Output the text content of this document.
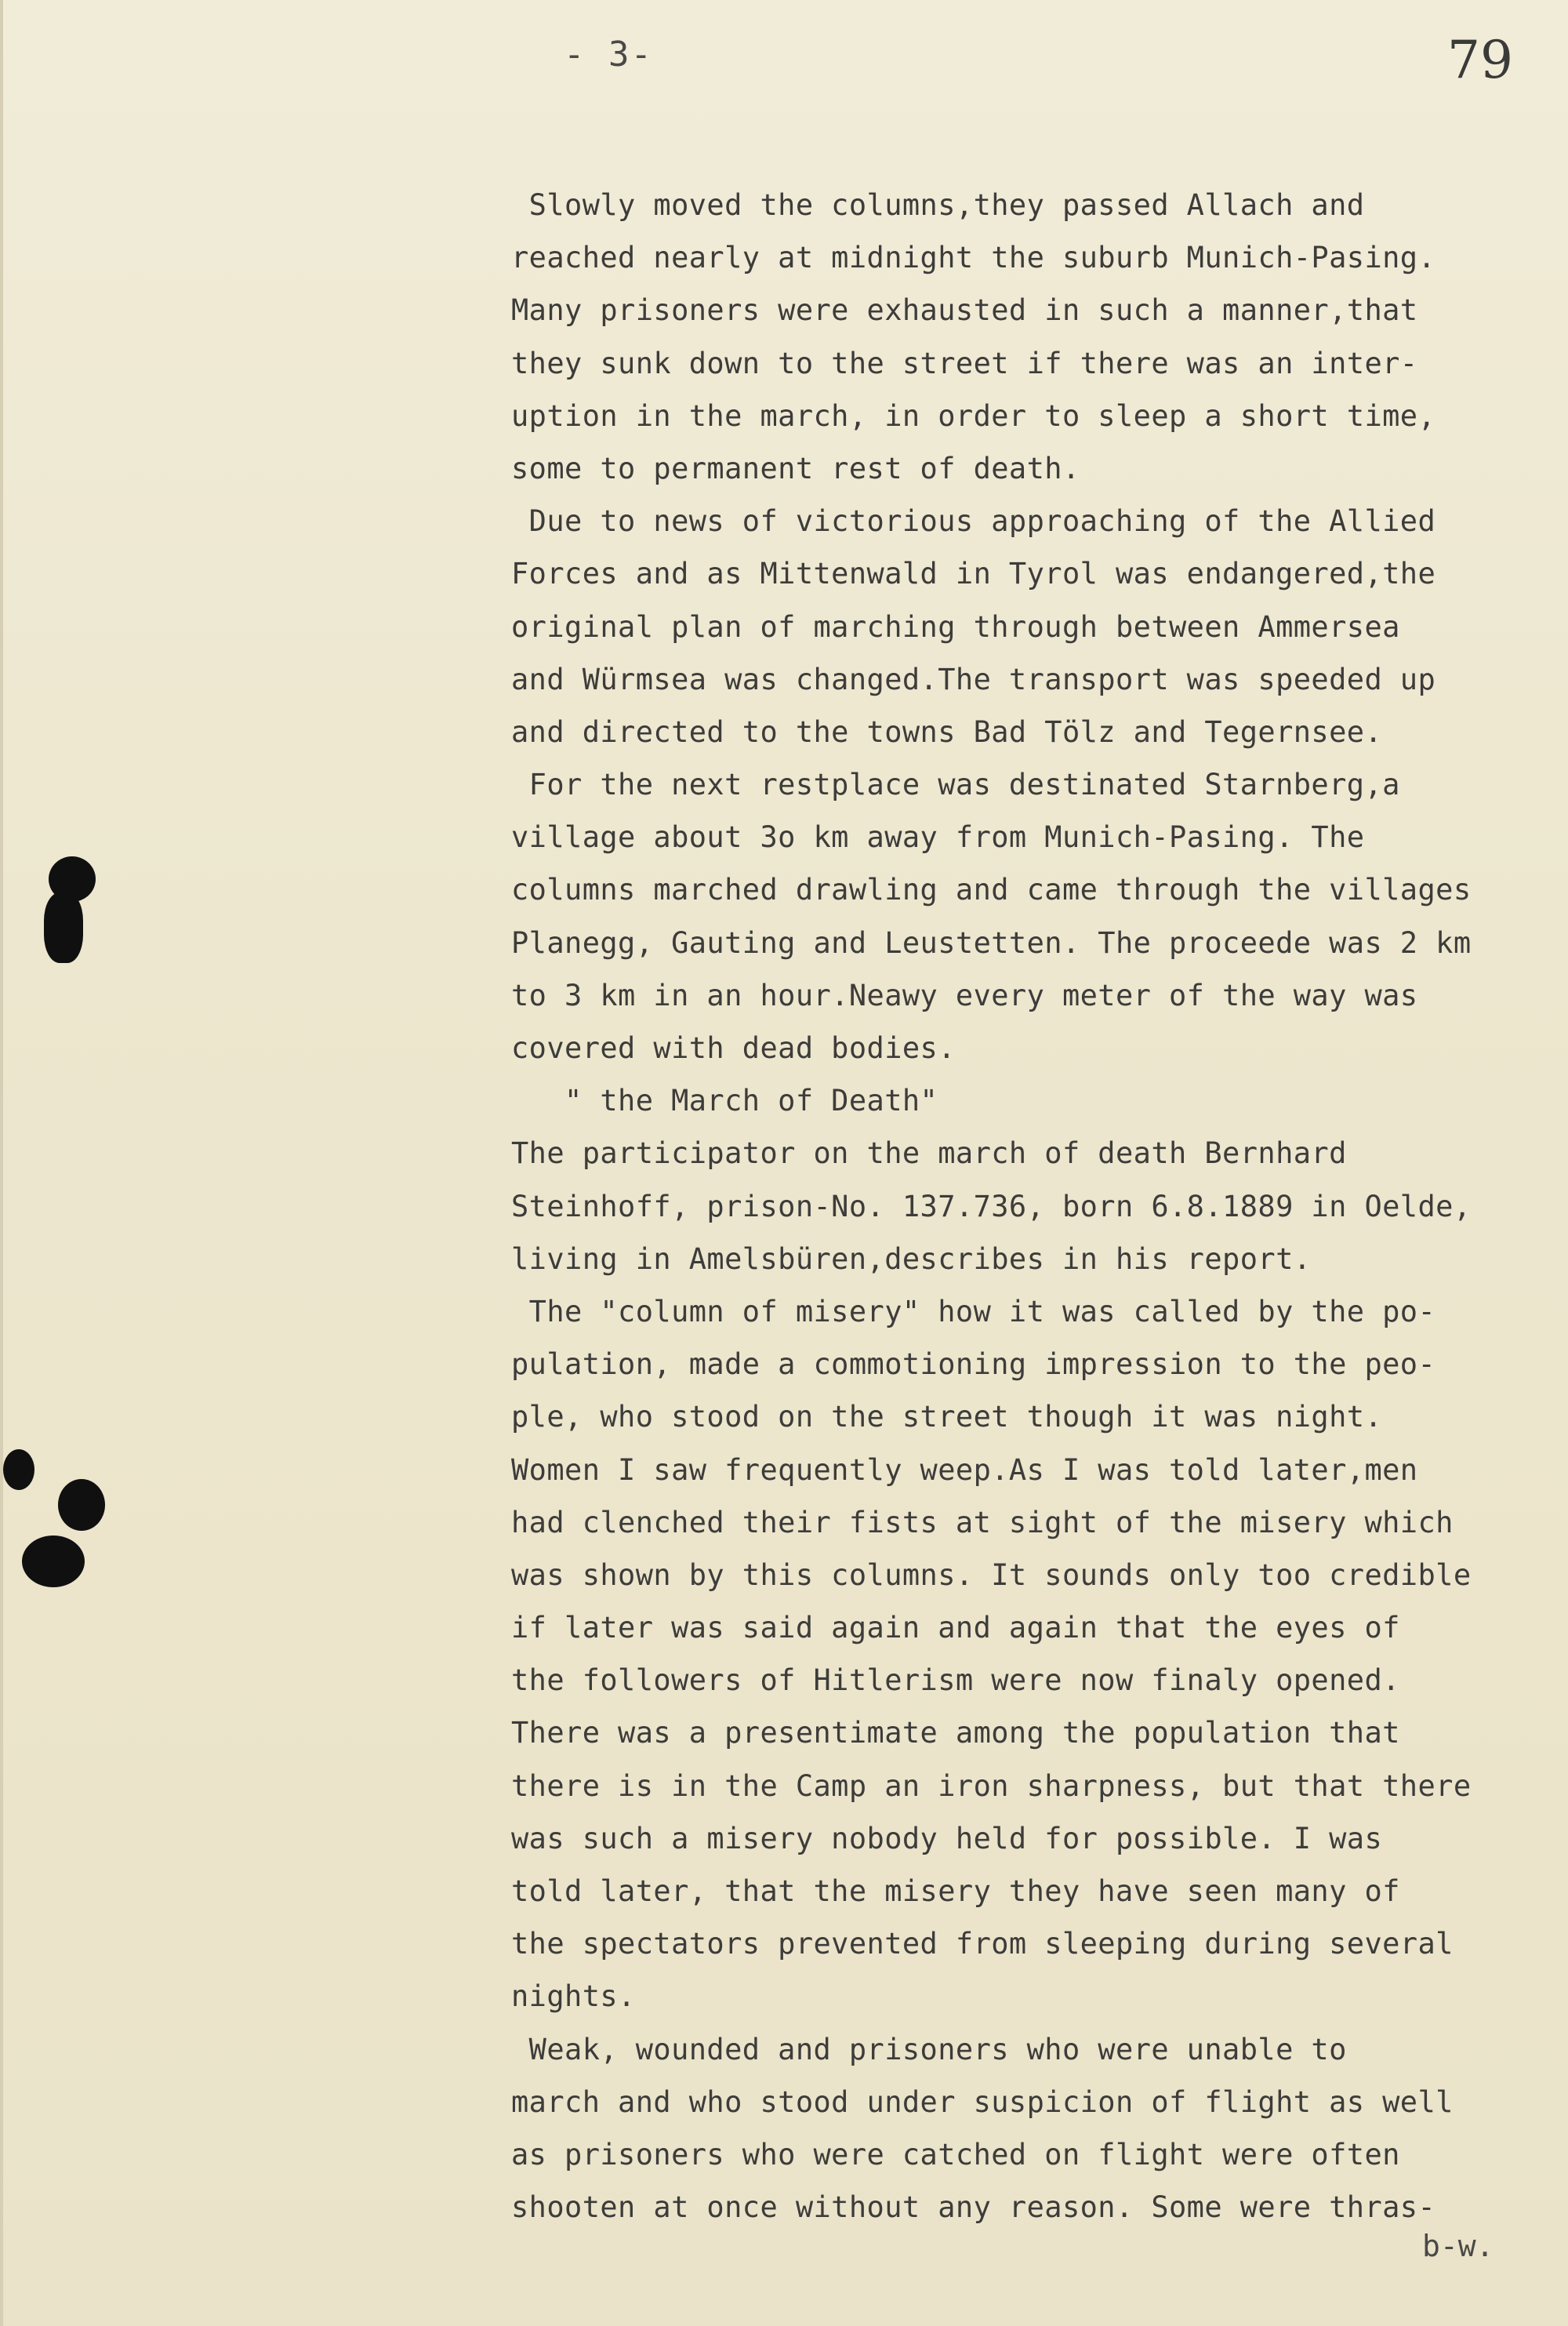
- 3-	79
Slowly moved the columns,they passed Allach and
reached nearly at midnight the suburb Munich-Pasing.
Many prisoners were exhausted in such a manner,that
they sunk down to the street if there was an inter-
uption in the march, in order to sleep a short time,
some to permanent rest of death.
Due to news of victorious approaching of the Allied
Forces and as Mittenwald in Tyrol was endangered,the
original plan of marching through between Ammersea
and Würmsea was changed.The transport was speeded up
and directed to the towns Bad Tölz and Tegernsee.
For the next restplace was destinated Starnberg,a
village about 3o km away from Munich-Pasing. The
columns marched drawling and came through the villages
Planegg, Gauting and Leustetten. The proceede was 2 km
to 3 km in an hour.Neawy every meter of the way was
covered with dead bodies.
" the March of Death"
The participator on the march of death Bernhard
Steinhoff, prison-No. 137.736, born 6.8.1889 in Oelde,
living in Amelsbüren,describes in his report.
The "column of misery" how it was called by the po-
pulation, made a commotioning impression to the peo-
ple, who stood on the street though it was night.
Women I saw frequently weep.As I was told later,men
had clenched their fists at sight of the misery which
was shown by this columns. It sounds only too credible
if later was said again and again that the eyes of
the followers of Hitlerism were now finaly opened.
There was a presentimate among the population that
there is in the Camp an iron sharpness, but that there
was such a misery nobody held for possible. I was
told later, that the misery they have seen many of
the spectators prevented from sleeping during several
nights.
Weak, wounded and prisoners who were unable to
march and who stood under suspicion of flight as well
as prisoners who were catched on flight were often
shooten at once without any reason. Some were thras-
b-w.
